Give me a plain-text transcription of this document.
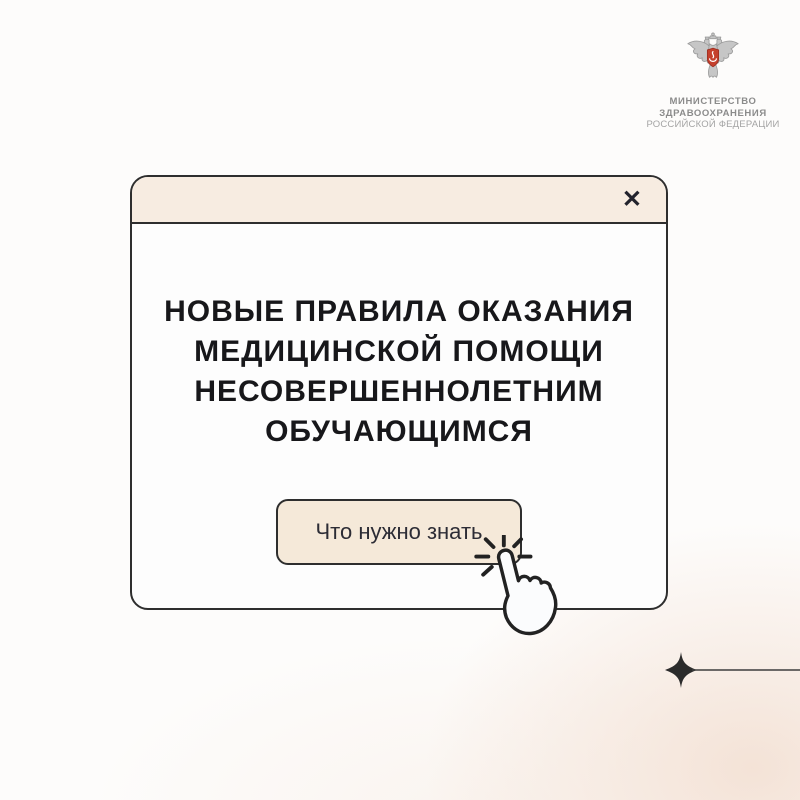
МИНИСТЕРСТВО
ЗДРАВООХРАНЕНИЯ
РОССИЙСКОЙ ФЕДЕРАЦИИ
✕
НОВЫЕ ПРАВИЛА ОКАЗАНИЯ
МЕДИЦИНСКОЙ ПОМОЩИ
НЕСОВЕРШЕННОЛЕТНИМ
ОБУЧАЮЩИМСЯ
Что нужно знать
